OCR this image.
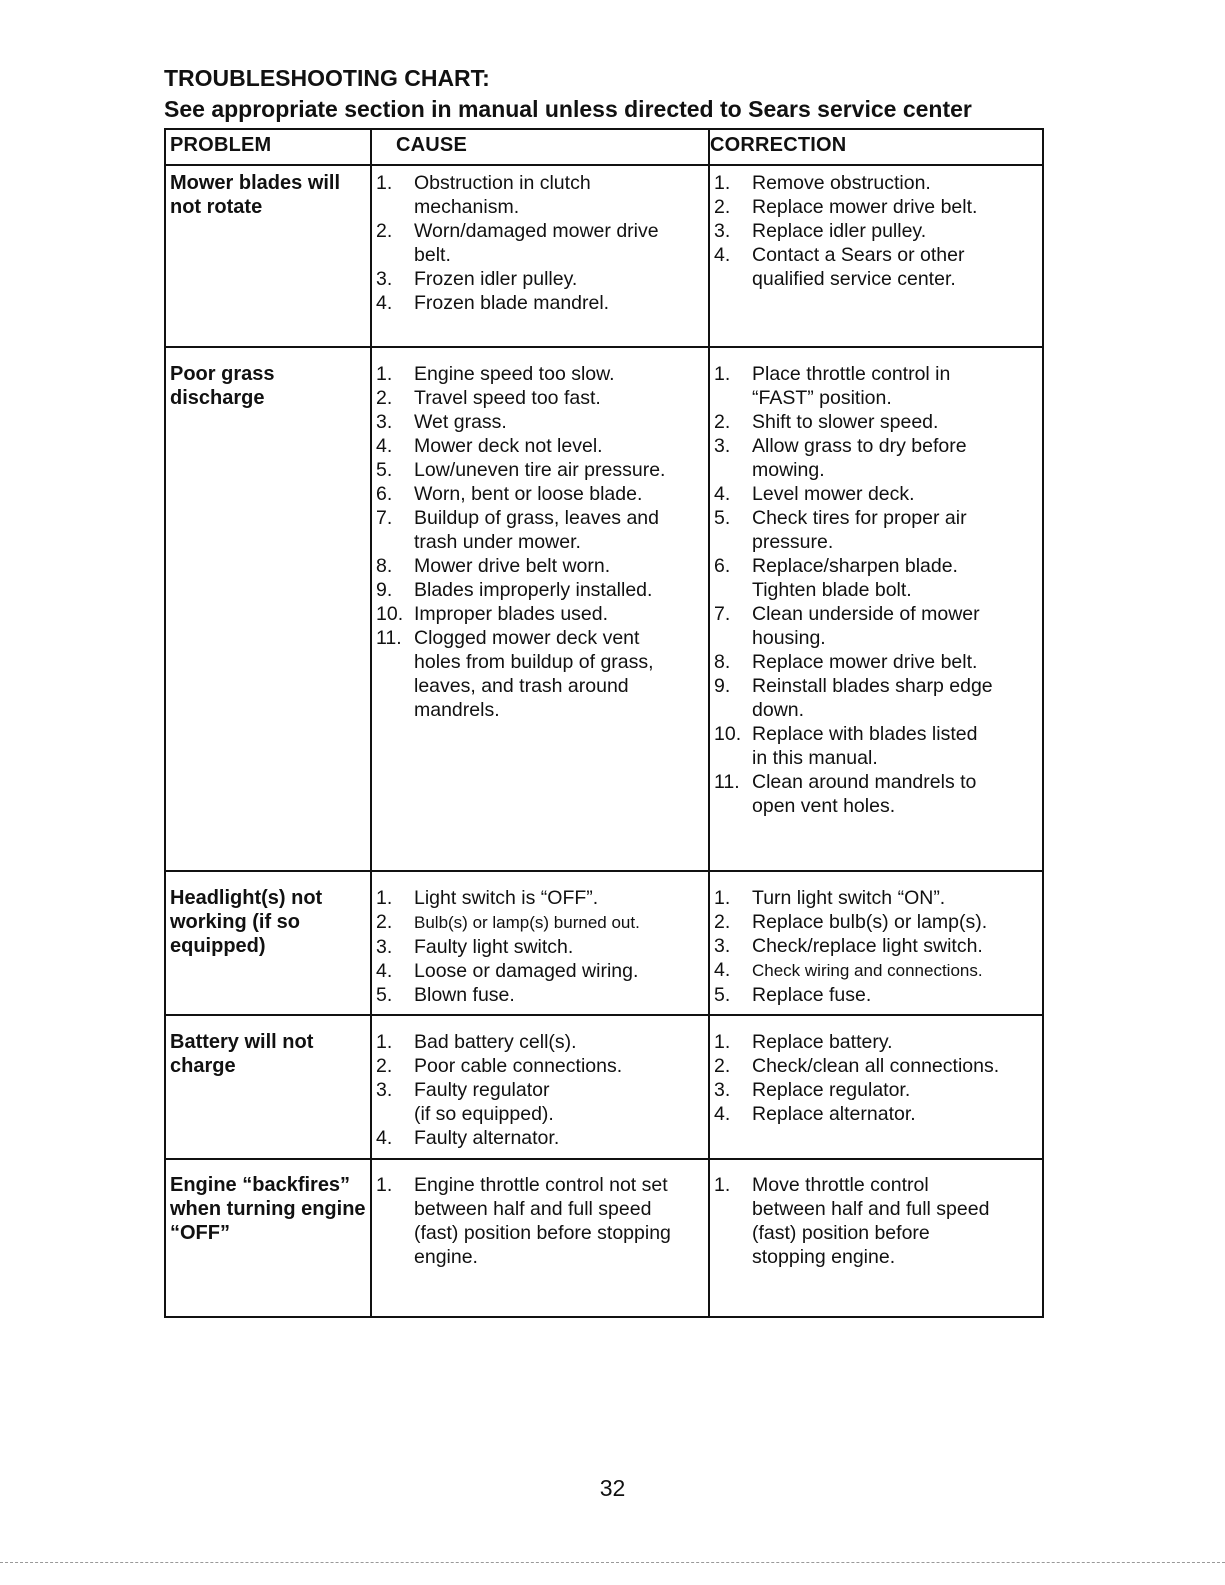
TROUBLESHOOTING CHART:
See appropriate section in manual unless directed to Sears service center
PROBLEM	CAUSE	CORRECTION
Mower blades will not rotate
1. Obstruction in clutch
mechanism.
2. Worn/damaged mower drive
belt.
3. Frozen idler pulley.
4. Frozen blade mandrel.
1. Remove obstruction.

2. Replace mower drive belt.

3. Replace idler pulley.
4. Contact a Sears or other
qualified service center.
Poor grass discharge
1. Engine speed too slow.

2. Travel speed too fast.
3. Wet grass.

4. Mower deck not level.
5. Low/uneven tire air pressure.

6. Worn, bent or loose blade.

7. Buildup of grass, leaves and
trash under mower.
8. Mower drive belt worn.
9. Blades improperly installed.

10. Improper blades used.

11. Clogged mower deck vent
holes from buildup of grass,
leaves, and trash around
mandrels.
1. Place throttle control in
“FAST” position.
2. Shift to slower speed.
3. Allow grass to dry before
mowing.
4. Level mower deck.
5. Check tires for proper air
pressure.
6. Replace/sharpen blade.
Tighten blade bolt.
7. Clean underside of mower
housing.
8. Replace mower drive belt.
9. Reinstall blades sharp edge
down.
10. Replace with blades listed
in this manual.
11. Clean around mandrels to
open vent holes.
Headlight(s) not working (if so equipped)
1. Light switch is “OFF”.
2. Bulb(s) or lamp(s) burned out.
3. Faulty light switch.
4. Loose or damaged wiring.
5. Blown fuse.
1. Turn light switch “ON”.
2. Replace bulb(s) or lamp(s).
3. Check/replace light switch.
4. Check wiring and connections.
5. Replace fuse.
Battery will not charge
1. Bad battery cell(s).
2. Poor cable connections.
3. Faulty regulator
(if so equipped).
4. Faulty alternator.
1. Replace battery.
2. Check/clean all connections.
3. Replace regulator.

4. Replace alternator.
Engine “backfires” when turning engine “OFF”
1. Engine throttle control not set
between half and full speed
(fast) position before stopping
engine.
1. Move throttle control
between half and full speed
(fast) position before
stopping engine.
32
